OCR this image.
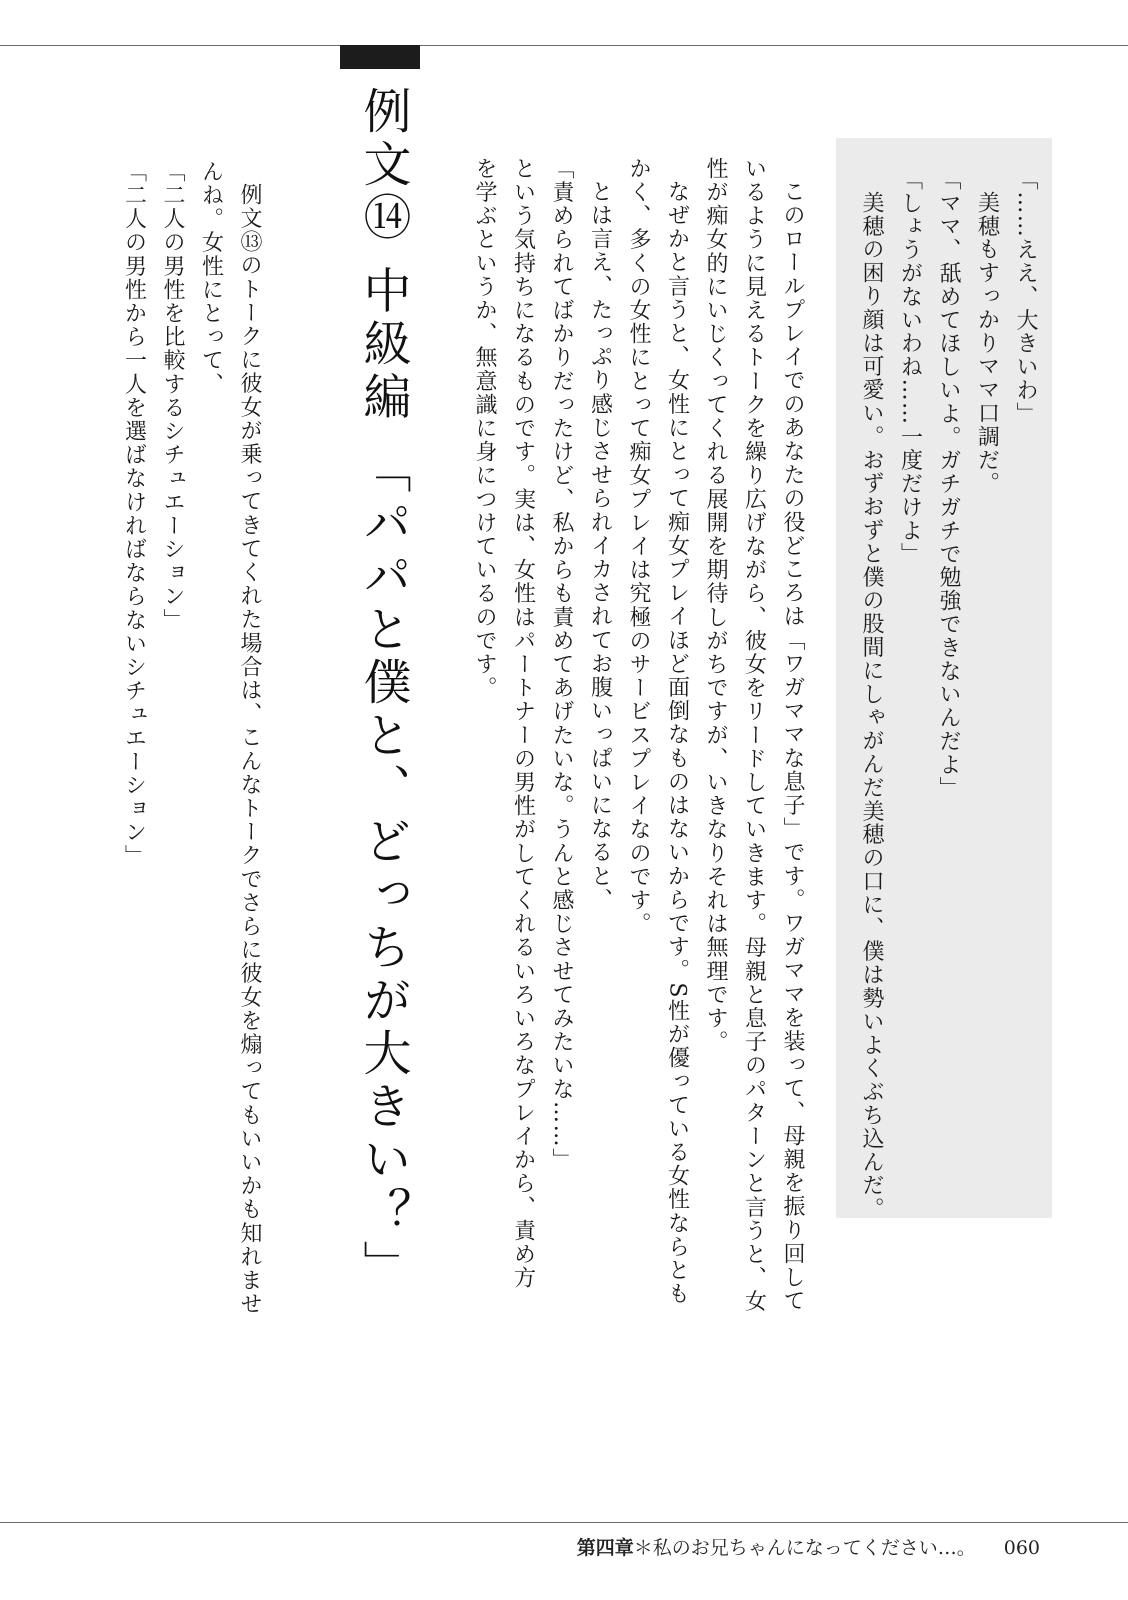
「……ええ、大きいわ」

美穂もすっかりママ口調だ。

「ママ、舐めてほしいよ。ガチガチで勉強できないんだよ」

「しょうがないわね……一度だけよ」

美穂の困り顔は可愛い。おずおずと僕の股間にしゃがんだ美穂の口に、僕は勢いよくぶち込んだ。

このロールプレイでのあなたの役どころは「ワガママな息子」です。ワガママを装って、母親を振り回して

いるように見えるトークを繰り広げながら、彼女をリードしていきます。母親と息子のパターンと言うと、女

性が痴女的にいじくってくれる展開を期待しがちですが、いきなりそれは無理です。

なぜかと言うと、女性にとって痴女プレイほど面倒なものはないからです。S性が優っている女性ならとも

かく、多くの女性にとって痴女プレイは究極のサービスプレイなのです。

とは言え、たっぷり感じさせられイカされてお腹いっぱいになると、

「責められてばかりだったけど、私からも責めてあげたいな。うんと感じさせてみたいな……」

という気持ちになるものです。実は、女性はパートナーの男性がしてくれるいろいろなプレイから、責め方

を学ぶというか、無意識に身につけているのです。

例文⑭ 中級編 「パパと僕と、どっちが大きい？」

例文⑬のトークに彼女が乗ってきてくれた場合は、こんなトークでさらに彼女を煽ってもいいかも知れませ

んね。女性にとって、

「二人の男性を比較するシチュエーション」

「二人の男性から一人を選ばなければならないシチュエーション」

第四章＊私のお兄ちゃんになってください…。 060
